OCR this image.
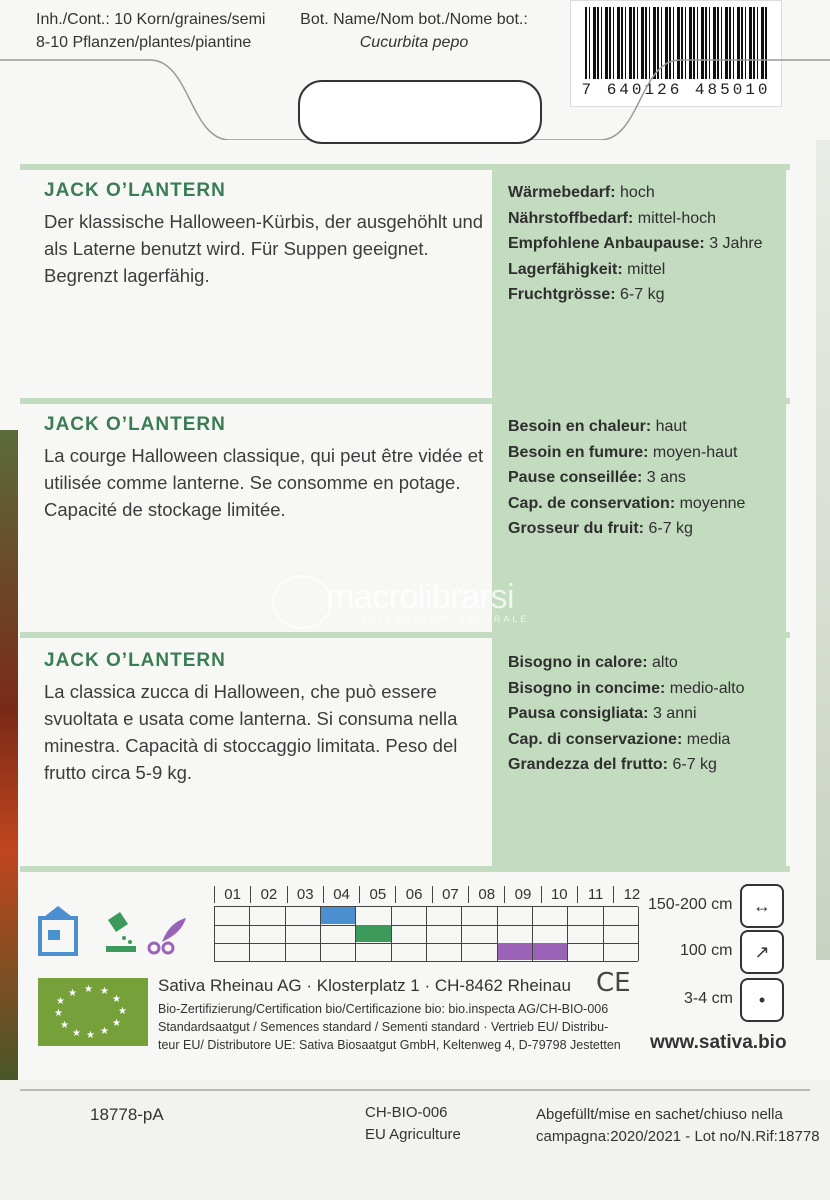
Inh./Cont.: 10 Korn/graines/semi
8-10 Pflanzen/plantes/piantine
Bot. Name/Nom bot./Nome bot.:
Cucurbita pepo
7 640126 485010
JACK O’LANTERN
Der klassische Halloween-Kürbis, der ausgehöhlt und als Laterne benutzt wird. Für Suppen geeignet. Begrenzt lagerfähig.
Wärmebedarf: hoch
Nährstoffbedarf: mittel-hoch
Empfohlene Anbaupause: 3 Jahre
Lagerfähigkeit: mittel
Fruchtgrösse: 6-7 kg
JACK O’LANTERN
La courge Halloween classique, qui peut être vidée et utilisée comme lanterne. Se consomme en potage. Capacité de stockage limitée.
Besoin en chaleur: haut
Besoin en fumure: moyen-haut
Pause conseillée: 3 ans
Cap. de conservation: moyenne
Grosseur du fruit: 6-7 kg
macrolibrarsi
ALTERNATIVA NATURALE
JACK O’LANTERN
La classica zucca di Halloween, che può essere svuoltata e usata come lanterna. Si consuma nella minestra. Capacità di stoccaggio limitata. Peso del frutto circa 5-9 kg.
Bisogno in calore: alto
Bisogno in concime: medio-alto
Pausa consigliata: 3 anni
Cap. di conservazione: media
Grandezza del frutto: 6-7 kg
01	02	03	04	05	06	07	08	09	10	11	12
150-200 cm	↔
100 cm	↗
3-4 cm	•
★ ★
★
★
★
★
★
★
★
★ ★ ★
Sativa Rheinau AG · Klosterplatz 1 · CH-8462 Rheinau CE
Bio-Zertifizierung/Certification bio/Certificazione bio: bio.inspecta AG/CH-BIO-006
Standardsaatgut / Semences standard / Sementi standard · Vertrieb EU/ Distribu-
teur EU/ Distributore UE: Sativa Biosaatgut GmbH, Keltenweg 4, D-79798 Jestetten	www.sativa.bio
18778-pA	CH-BIO-006
EU Agriculture
Abgefüllt/mise en sachet/chiuso nella
campagna:2020/2021 - Lot no/N.Rif:18778
